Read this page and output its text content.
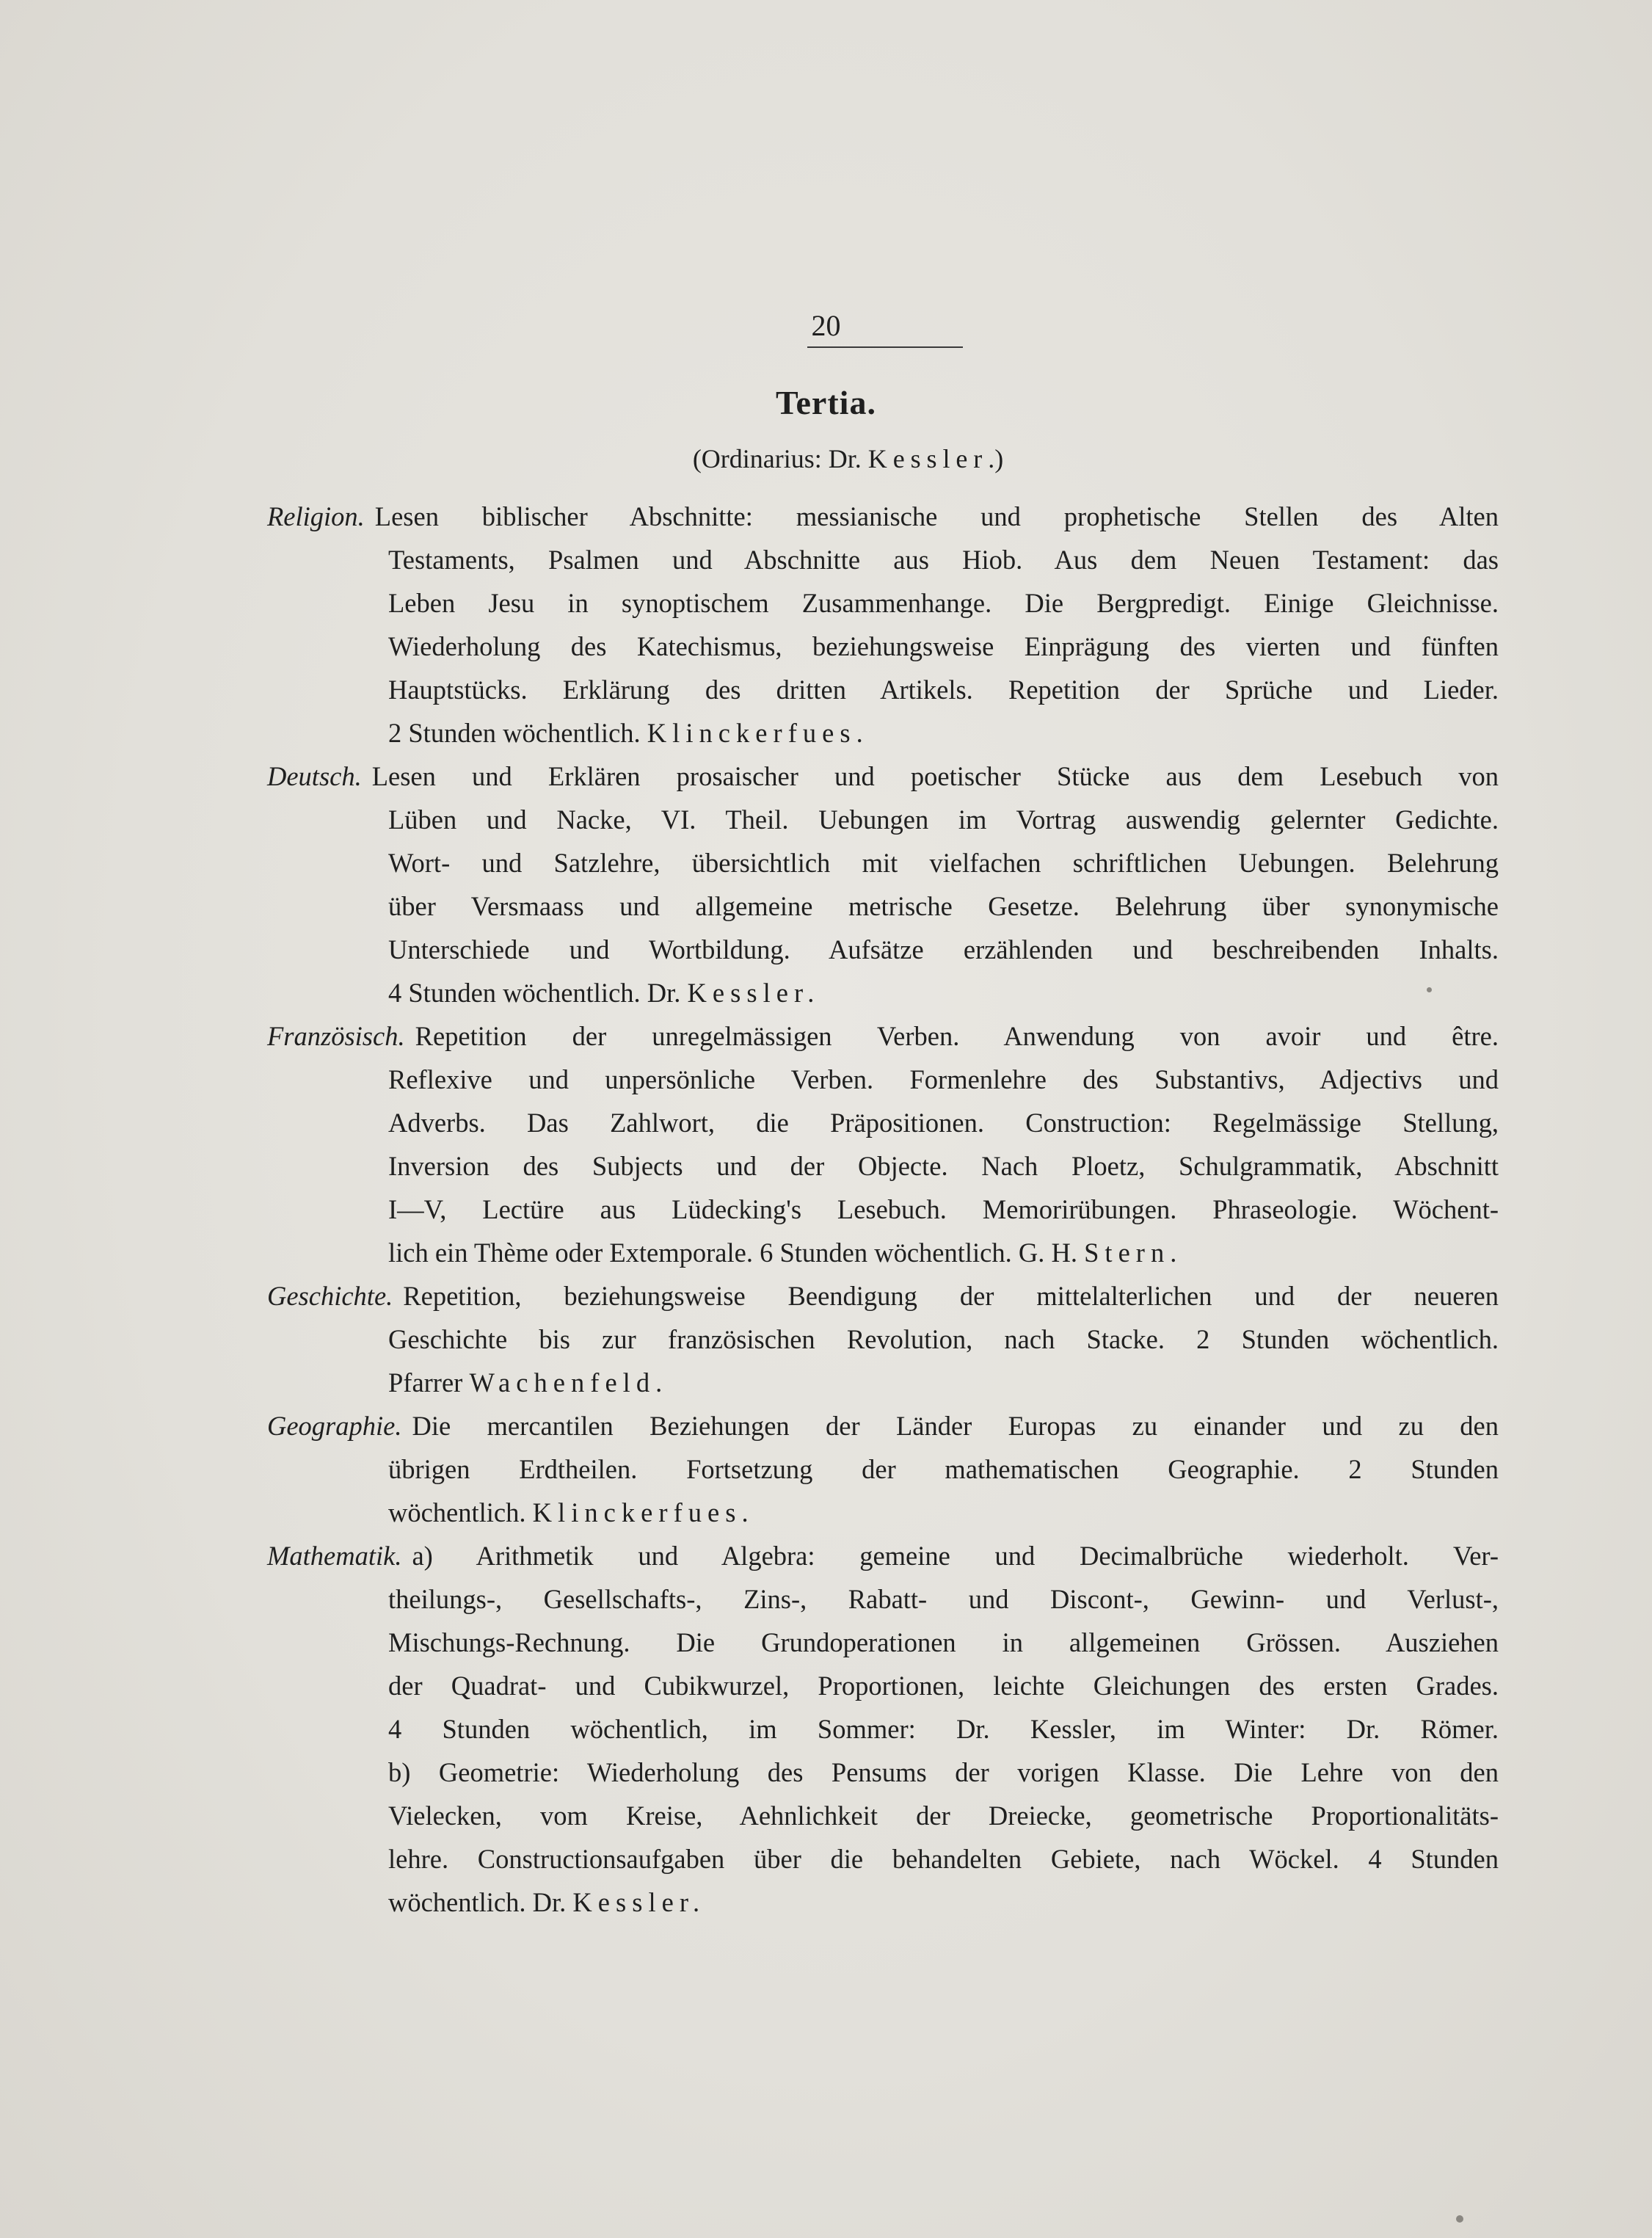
20
Tertia.
(Ordinarius: Dr. Kessler.)
Religion. Lesen biblischer Abschnitte: messianische und prophetische Stellen des Alten
Testaments, Psalmen und Abschnitte aus Hiob. Aus dem Neuen Testament: das
Leben Jesu in synoptischem Zusammenhange. Die Bergpredigt. Einige Gleichnisse.
Wiederholung des Katechismus, beziehungsweise Einprägung des vierten und fünften
Hauptstücks. Erklärung des dritten Artikels. Repetition der Sprüche und Lieder.
2 Stunden wöchentlich. Klinckerfues.
Deutsch. Lesen und Erklären prosaischer und poetischer Stücke aus dem Lesebuch von
Lüben und Nacke, VI. Theil. Uebungen im Vortrag auswendig gelernter Gedichte.
Wort- und Satzlehre, übersichtlich mit vielfachen schriftlichen Uebungen. Belehrung
über Versmaass und allgemeine metrische Gesetze. Belehrung über synonymische
Unterschiede und Wortbildung. Aufsätze erzählenden und beschreibenden Inhalts.
4 Stunden wöchentlich. Dr. Kessler.
Französisch. Repetition der unregelmässigen Verben. Anwendung von avoir und être.
Reflexive und unpersönliche Verben. Formenlehre des Substantivs, Adjectivs und
Adverbs. Das Zahlwort, die Präpositionen. Construction: Regelmässige Stellung,
Inversion des Subjects und der Objecte. Nach Ploetz, Schulgrammatik, Abschnitt
I—V, Lectüre aus Lüdecking's Lesebuch. Memorirübungen. Phraseologie. Wöchent-
lich ein Thème oder Extemporale. 6 Stunden wöchentlich. G. H. Stern.
Geschichte. Repetition, beziehungsweise Beendigung der mittelalterlichen und der neueren
Geschichte bis zur französischen Revolution, nach Stacke. 2 Stunden wöchentlich.
Pfarrer Wachenfeld.
Geographie. Die mercantilen Beziehungen der Länder Europas zu einander und zu den
übrigen Erdtheilen. Fortsetzung der mathematischen Geographie. 2 Stunden
wöchentlich. Klinckerfues.
Mathematik. a) Arithmetik und Algebra: gemeine und Decimalbrüche wiederholt. Ver-
theilungs-, Gesellschafts-, Zins-, Rabatt- und Discont-, Gewinn- und Verlust-,
Mischungs-Rechnung. Die Grundoperationen in allgemeinen Grössen. Ausziehen
der Quadrat- und Cubikwurzel, Proportionen, leichte Gleichungen des ersten Grades.
4 Stunden wöchentlich, im Sommer: Dr. Kessler, im Winter: Dr. Römer.
b) Geometrie: Wiederholung des Pensums der vorigen Klasse. Die Lehre von den
Vielecken, vom Kreise, Aehnlichkeit der Dreiecke, geometrische Proportionalitäts-
lehre. Constructionsaufgaben über die behandelten Gebiete, nach Wöckel. 4 Stunden
wöchentlich. Dr. Kessler.
